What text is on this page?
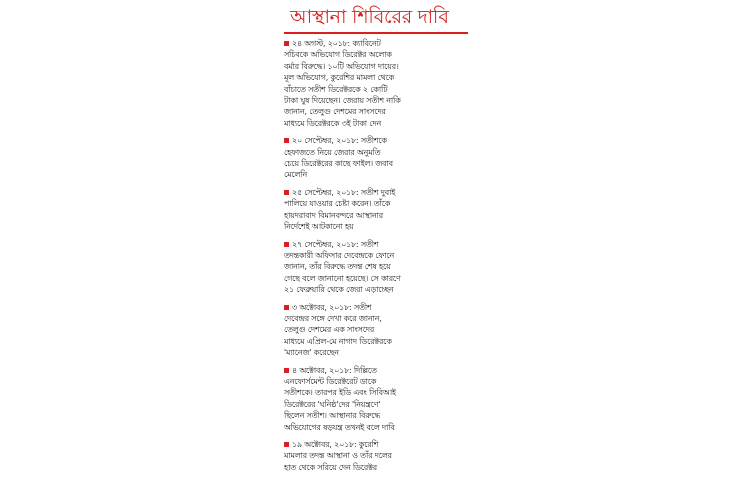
আস্থানা শিবিরের দাবি
২৪ অগস্ট, ২০১৮: ক্যাবিনেট
সচিবকে অভিযোগ ডিরেক্টর অলোক
বর্মার বিরুদ্ধে। ১০টি অভিযোগ দায়ের।
মূল অভিযোগ, কুরেশির মামলা থেকে
বাঁচাতে সতীশ ডিরেক্টরকে ২ কোটি
টাকা ঘুষ দিয়েছেন। জেরায় সতীশ নাকি
জানান, তেলুগু দেশমের সাংসদের
মাধ্যমে ডিরেক্টরকে ৩ই টাকা দেন
২০ সেপ্টেম্বর, ২০১৮: সতীশকে
হেফাজতে নিয়ে জেরার অনুমতি
চেয়ে ডিরেক্টরের কাছে ফাইল। জবাব
মেলেনি
২৫ সেপ্টেম্বর, ২০১৮: সতীশ দুবাই
পালিয়ে যাওয়ার চেষ্টা করেন। তাঁকে
হায়দরাবাদ বিমানবন্দরে আস্থানার
নির্দেশেই আটকানো হয়
২৭ সেপ্টেম্বর, ২০১৮: সতীশ
তদন্তকারী অফিসার দেবেন্দ্রকে ফোনে
জানান, তাঁর বিরুদ্ধে তদন্ত শেষ হয়ে
গেছে বলে জানানো হয়েছে। সে কারণে
২১ ফেব্রুয়ারি থেকে জেরা এড়াচ্ছেন
৩ অক্টোবর, ২০১৮: সতীশ
দেবেন্দ্রর সঙ্গে দেখা করে জানান,
তেলুগু দেশমের এক সাংসদের
মাধ্যমে এপ্রিল-মে নাগাদ ডিরেক্টরকে
'ম্যানেজ' করেছেন
৪ অক্টোবর, ২০১৮: দিল্লিতে
এনফোর্সমেন্ট ডিরেক্টরেট ডাকে
সতীশকে। তারপর ইডি এবং সিবিআই
ডিরেক্টরের 'ঘনিষ্ঠ'দের 'নিয়ন্ত্রণে'
ছিলেন সতীশ। আস্থানার বিরুদ্ধে
অভিযোগের ষড়যন্ত্র তখনই বলে দাবি
১৯ অক্টোবর, ২০১৮: কুরেশি
মামলার তদন্ত আস্থানা ও তাঁর দলের
হাত থেকে সরিয়ে দেন ডিরেক্টর
